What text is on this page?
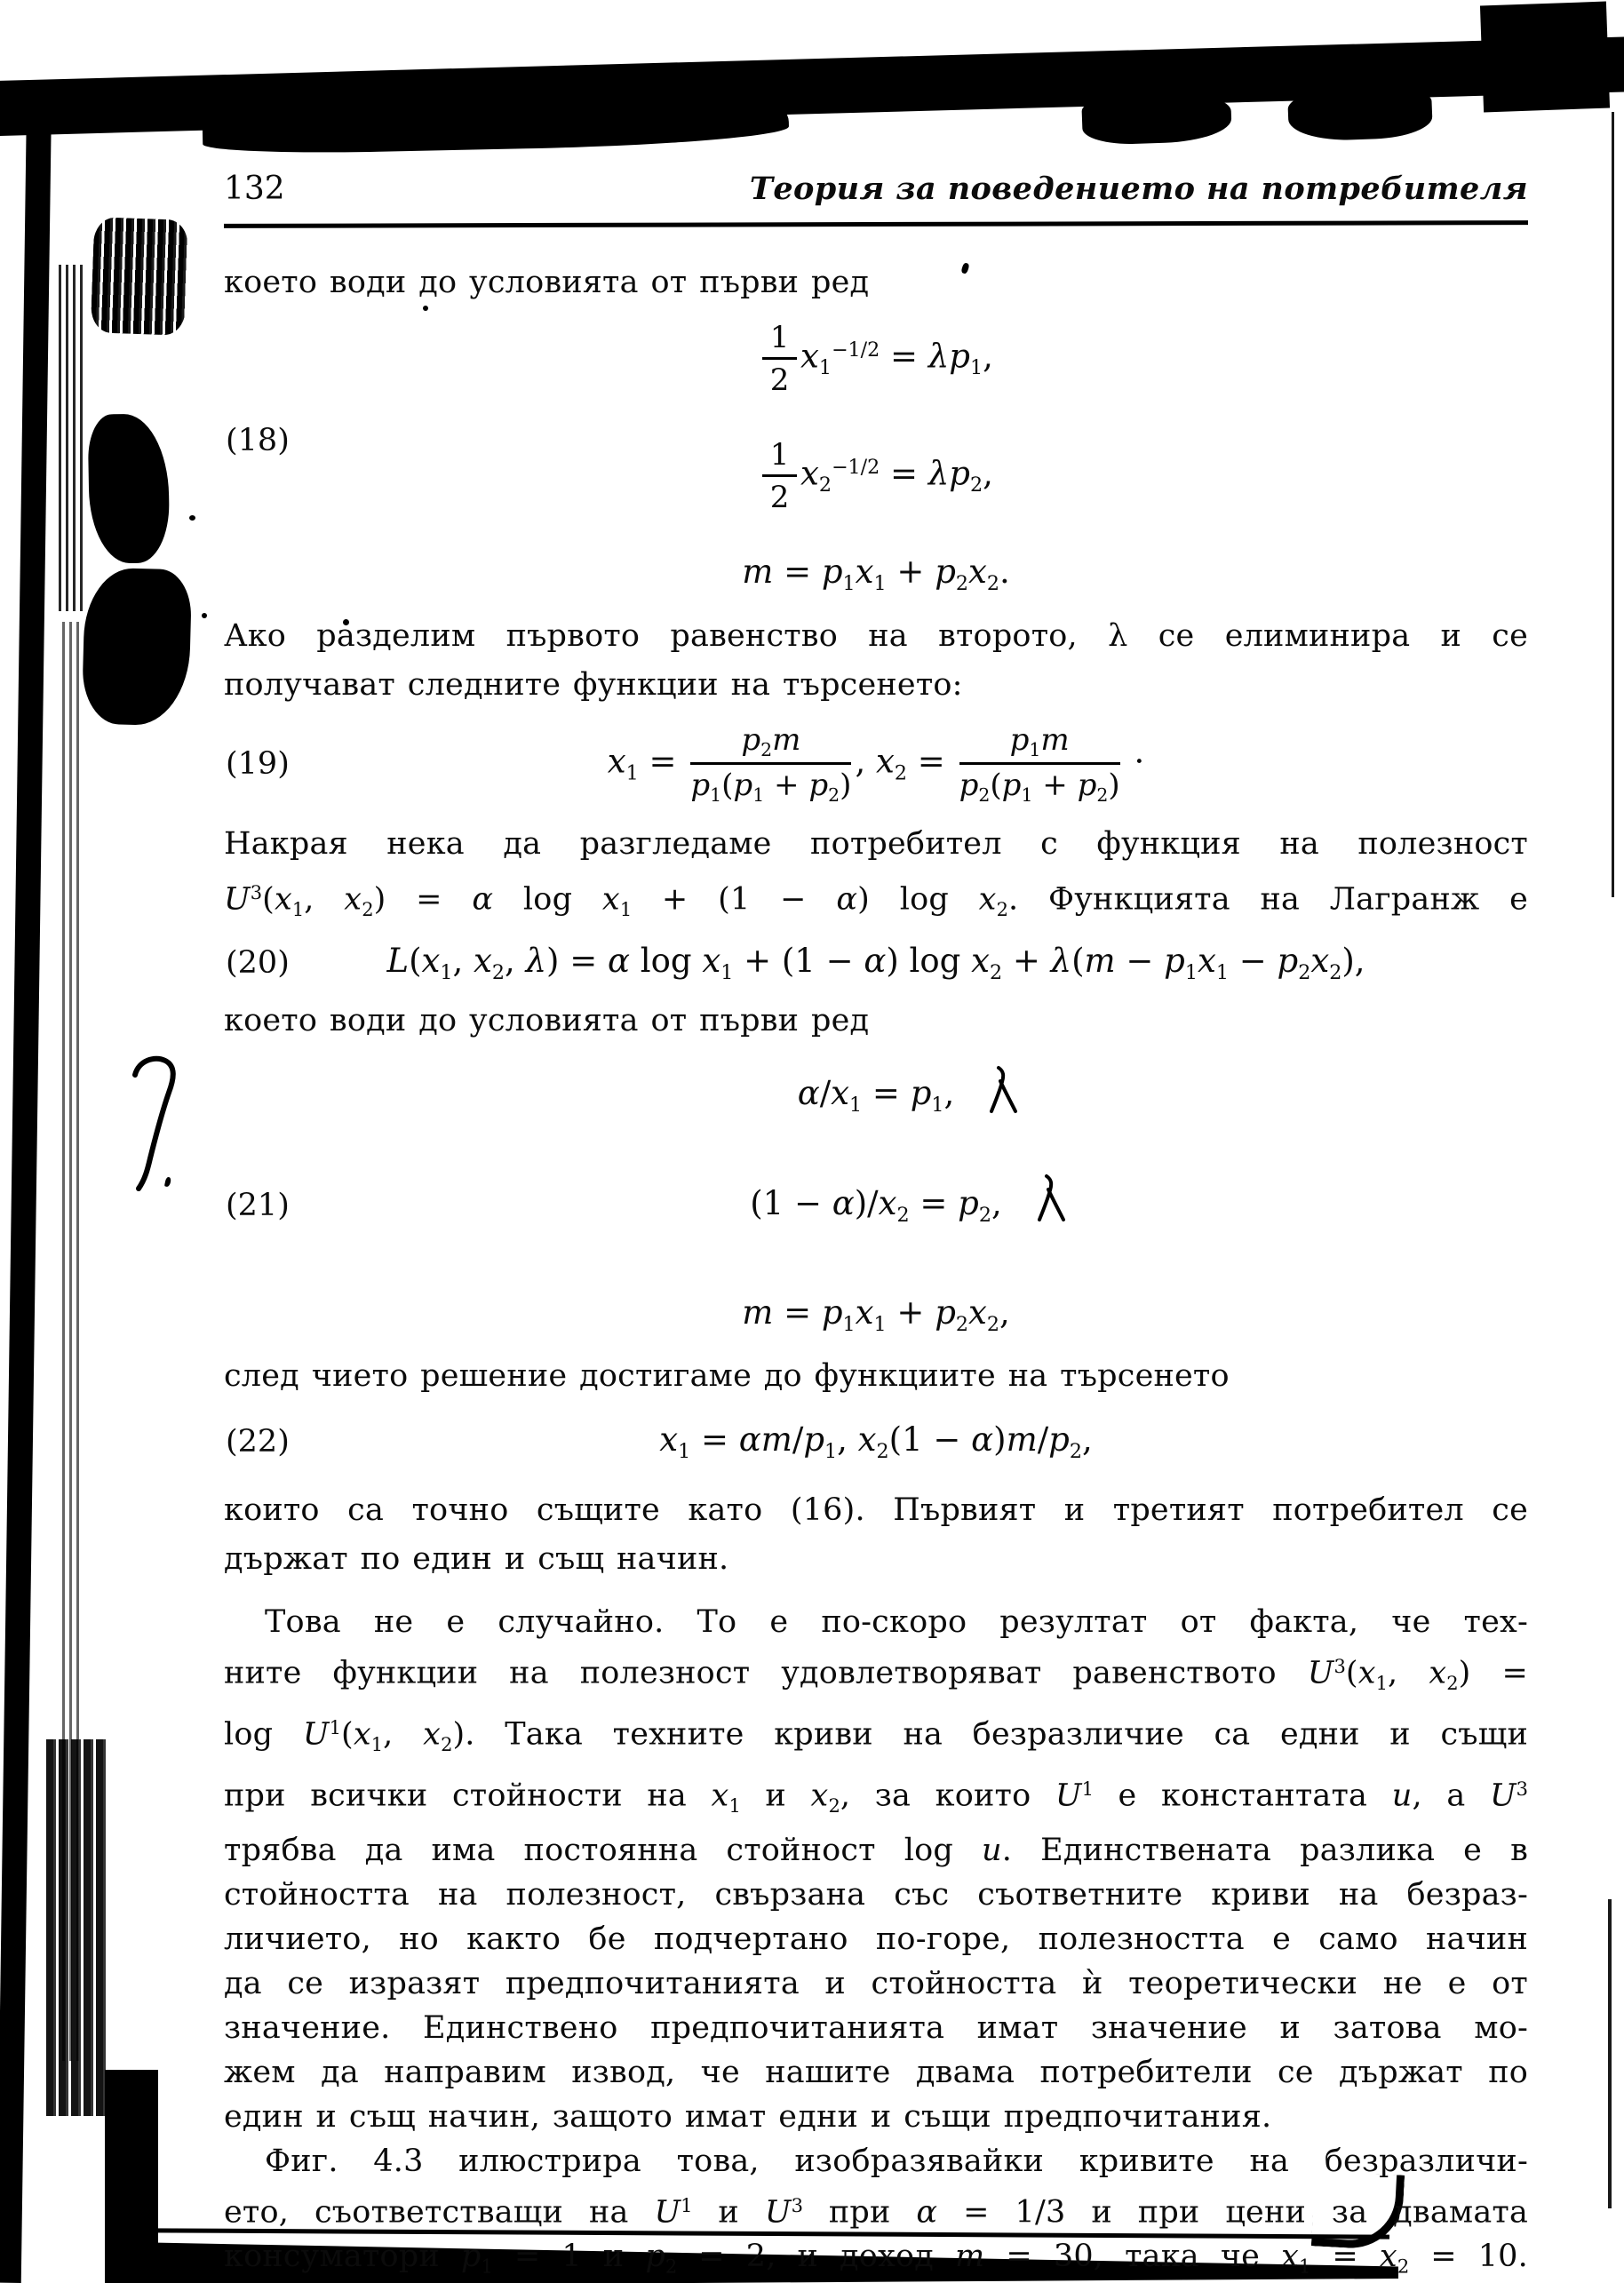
132	Теория за поведението на потребителя

което води до условията от първи ред

(18)
$\frac{1}{2} x_1^{-1/2} = \lambda p_1$,
$\frac{1}{2} x_2^{-1/2} = \lambda p_2$,
$m = p_1x_1 + p_2x_2$.

Ако разделим първото равенство на второто, λ се елиминира и се

получават следните функции на търсенето:

(19)	$x_1 = \frac{p_2m}{p_1(p_1 + p_2)}$ , $x_2 = \frac{p_1m}{p_2(p_1 + p_2)}$ ·

Накрая нека да разгледаме потребител с функция на полезност

$U^3(x_1$, $x_2) = \alpha$ $\log x_1 + (1 - \alpha)$ $\log x_2$. Функцията на Лагранж е

(20)	$L(x_1$, $x_2$, λ) = α $\log x_1 + (1 - \alpha)$ $\log x_2 + \lambda(m - p_1x_1 - p_2x_2)$,

което води до условията от първи ред

(21)
$\alpha/x_1 = p_1$,
$(1 - \alpha)/x_2 = p_2$,
$m = p_1x_1 + p_2x_2$,

след чието решение достигаме до функциите на търсенето

(22)	$x_1 = \alpha m/p_1$, $x_2(1 - \alpha)m/p_2$,

които са точно същите като (16). Първият и третият потребител се

държат по един и същ начин.

Това не е случайно. То е по-скоро резултат от факта, че тех-

ните функции на полезност удовлетворяват равенството $U^3(x_1$, $x_2$) =

$\log U^1(x_1$, $x_2$). Така техните криви на безразличие са едни и същи

при всички стойности на $x_1$ и $x_2$, за които $U^1$ е константата u, а $U^3$

трябва да има постоянна стойност log u. Единствената разлика е в

стойността на полезност, свързана със съответните криви на безраз-

личието, но както бе подчертано по-горе, полезността е само начин

да се изразят предпочитанията и стойността ѝ теоретически не е от

значение. Единствено предпочитанията имат значение и затова мо-

жем да направим извод, че нашите двама потребители се държат по

един и същ начин, защото имат едни и същи предпочитания.

Фиг. 4.3 илюстрира това, изобразявайки кривите на безразличи-

ето, съответстващи на $U^1$ и $U^3$ при α = 1/3 и при цени за двамата

консуматори $p_1 = 1$ и $p_2 = 2$, и доход m = 30, така че $x_1 = x_2 = 10$.
